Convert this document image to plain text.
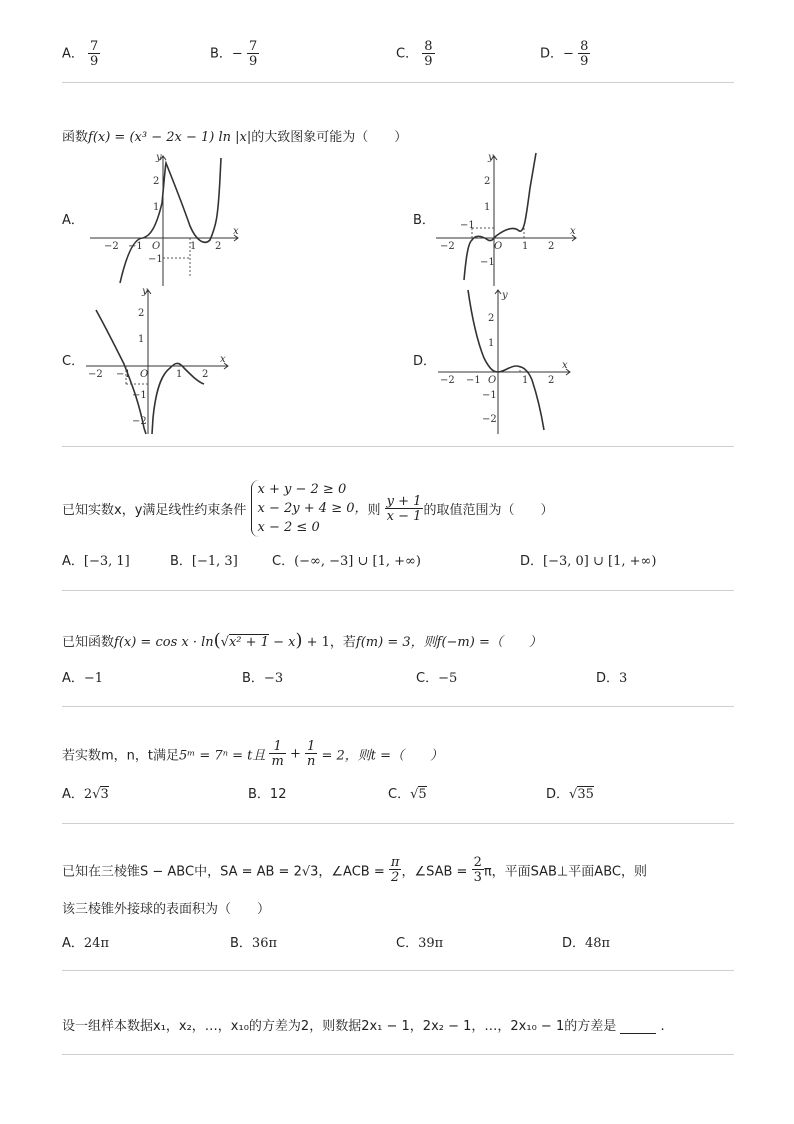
A． $\frac{7}{9}$	B．− $\frac{7}{9}$	C． $\frac{8}{9}$	D．− $\frac{8}{9}$
函数f(x) = (x³ − 2x − 1) ln |x|的大致图象可能为（　　）
A．	B．
C．	D．
y
x
O
−2 −1	1 2
2
1
−1
y
x
O
−2
−1
1 2
2
1
−1
y
x
O
−2 −1	1 2
2
1
−1
−2
y
x
O
−2 −1	1 2
2
1
−1
−2
已知实数x，y满足线性约束条件
x + y − 2 ≥ 0
x − 2y + 4 ≥ 0，
x − 2 ≤ 0
则 $\frac{y + 1}{x - 1}$ 的取值范围为（　　）
A．[−3, 1]	B．[−1, 3]	C．(−∞, −3] ∪ [1, +∞)	D．[−3, 0] ∪ [1, +∞)
已知函数f(x) = cos x · ln(√x² + 1 − x) + 1，若f(m) = 3，则f(−m) =（　　）
A．−1	B．−3	C．−5	D．3
若实数m，n，t满足5ᵐ = 7ⁿ = t且 $\frac{1}{m} + \frac{1}{n} = 2$，则t =（　　）
A．2√3	B．12	C．√5	D．√35
已知在三棱锥S − ABC中，SA = AB = 2√3，∠ACB = $\frac{\pi}{2}$ ，∠SAB = $\frac{2}{3}$ π，平面SAB⊥平面ABC，则
该三棱锥外接球的表面积为（　　）
A．24π	B．36π	C．39π	D．48π
设一组样本数据x₁，x₂，…，x₁₀的方差为2，则数据2x₁ − 1，2x₂ − 1，…，2x₁₀ − 1的方差是	.
